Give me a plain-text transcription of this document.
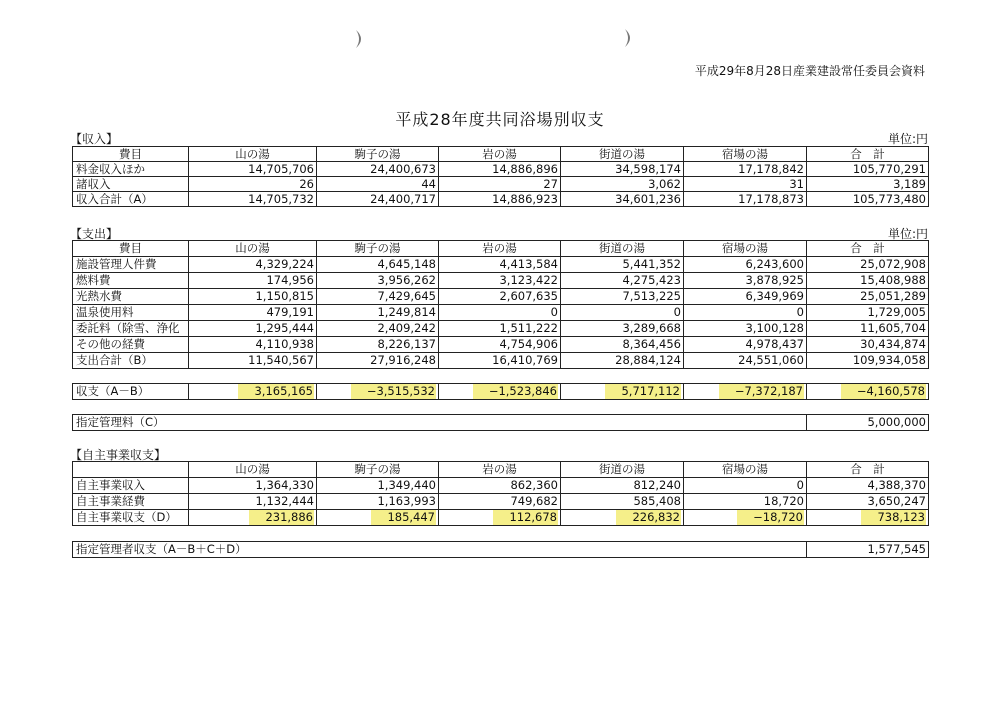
平成29年8月28日産業建設常任委員会資料
平成28年度共同浴場別収支
【収入】	単位:円
費目	山の湯	駒子の湯	岩の湯	街道の湯	宿場の湯	合　計
料金収入ほか	14,705,706	24,400,673	14,886,896	34,598,174	17,178,842	105,770,291
諸収入	26	44	27	3,062	31	3,189
収入合計（A）	14,705,732	24,400,717	14,886,923	34,601,236	17,178,873	105,773,480
【支出】	単位:円
費目	山の湯	駒子の湯	岩の湯	街道の湯	宿場の湯	合　計
施設管理人件費	4,329,224	4,645,148	4,413,584	5,441,352	6,243,600	25,072,908
燃料費	174,956	3,956,262	3,123,422	4,275,423	3,878,925	15,408,988
光熱水費	1,150,815	7,429,645	2,607,635	7,513,225	6,349,969	25,051,289
温泉使用料	479,191	1,249,814	0	0	0	1,729,005
委託料（除雪、浄化	1,295,444	2,409,242	1,511,222	3,289,668	3,100,128	11,605,704
その他の経費	4,110,938	8,226,137	4,754,906	8,364,456	4,978,437	30,434,874
支出合計（B）	11,540,567	27,916,248	16,410,769	28,884,124	24,551,060	109,934,058
収支（A－B）	3,165,165	−3,515,532	−1,523,846	5,717,112	−7,372,187	−4,160,578
指定管理料（C）	5,000,000
【自主事業収支】
	山の湯	駒子の湯	岩の湯	街道の湯	宿場の湯	合　計
自主事業収入	1,364,330	1,349,440	862,360	812,240	0	4,388,370
自主事業経費	1,132,444	1,163,993	749,682	585,408	18,720	3,650,247
自主事業収支（D）	231,886	185,447	112,678	226,832	−18,720	738,123
指定管理者収支（A－B＋C＋D）	1,577,545
